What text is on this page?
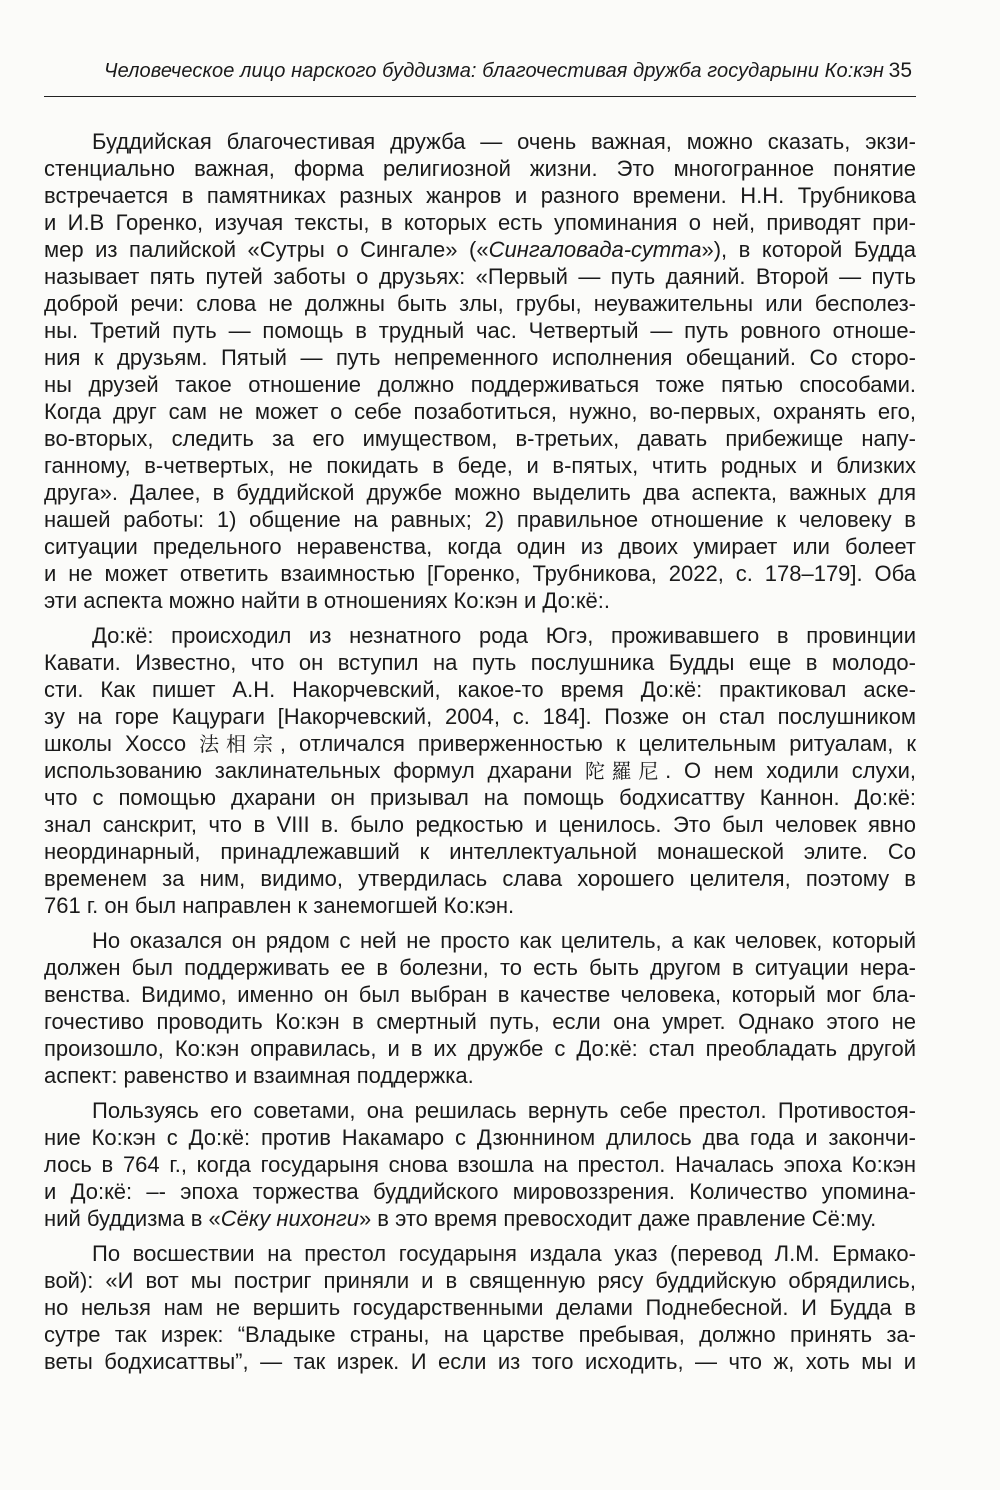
Человеческое лицо нарского буддизма: благочестивая дружба государыни Ко:кэн 35
Буддийская благочестивая дружба — очень важная, можно сказать, экзи-
стенциально важная, форма религиозной жизни. Это многогранное понятие
встречается в памятниках разных жанров и разного времени. Н.Н. Трубникова
и И.В Горенко, изучая тексты, в которых есть упоминания о ней, приводят при-
мер из палийской «Сутры о Сингале» («Сингаловада-сутта»), в которой Будда
называет пять путей заботы о друзьях: «Первый — путь даяний. Второй — путь
доброй речи: слова не должны быть злы, грубы, неуважительны или бесполез-
ны. Третий путь — помощь в трудный час. Четвертый — путь ровного отноше-
ния к друзьям. Пятый — путь непременного исполнения обещаний. Со сторо-
ны друзей такое отношение должно поддерживаться тоже пятью способами.
Когда друг сам не может о себе позаботиться, нужно, во-первых, охранять его,
во-вторых, следить за его имуществом, в-третьих, давать прибежище напу-
ганному, в-четвертых, не покидать в беде, и в-пятых, чтить родных и близких
друга». Далее, в буддийской дружбе можно выделить два аспекта, важных для
нашей работы: 1) общение на равных; 2) правильное отношение к человеку в
ситуации предельного неравенства, когда один из двоих умирает или болеет
и не может ответить взаимностью [Горенко, Трубникова, 2022, с. 178–179]. Оба
эти аспекта можно найти в отношениях Ко:кэн и До:кё:.
До:кё: происходил из незнатного рода Югэ, проживавшего в провинции
Кавати. Известно, что он вступил на путь послушника Будды еще в молодо-
сти. Как пишет А.Н. Накорчевский, какое-то время До:кё: практиковал аске-
зу на горе Кацураги [Накорчевский, 2004, с. 184]. Позже он стал послушником
школы Хоссо 法相宗, отличался приверженностью к целительным ритуалам, к
использованию заклинательных формул дхарани 陀羅尼. О нем ходили слухи,
что с помощью дхарани он призывал на помощь бодхисаттву Каннон. До:кё:
знал санскрит, что в VIII в. было редкостью и ценилось. Это был человек явно
неординарный, принадлежавший к интеллектуальной монашеской элите. Со
временем за ним, видимо, утвердилась слава хорошего целителя, поэтому в
761 г. он был направлен к занемогшей Ко:кэн.
Но оказался он рядом с ней не просто как целитель, а как человек, который
должен был поддерживать ее в болезни, то есть быть другом в ситуации нера-
венства. Видимо, именно он был выбран в качестве человека, который мог бла-
гочестиво проводить Ко:кэн в смертный путь, если она умрет. Однако этого не
произошло, Ко:кэн оправилась, и в их дружбе с До:кё: стал преобладать другой
аспект: равенство и взаимная поддержка.
Пользуясь его советами, она решилась вернуть себе престол. Противостоя-
ние Ко:кэн с До:кё: против Накамаро с Дзюннином длилось два года и закончи-
лось в 764 г., когда государыня снова взошла на престол. Началась эпоха Ко:кэн
и До:кё: –- эпоха торжества буддийского мировоззрения. Количество упомина-
ний буддизма в «Сёку нихонги» в это время превосходит даже правление Сё:му.
По восшествии на престол государыня издала указ (перевод Л.М. Ермако-
вой): «И вот мы постриг приняли и в священную рясу буддийскую обрядились,
но нельзя нам не вершить государственными делами Поднебесной. И Будда в
сутре так изрек: “Владыке страны, на царстве пребывая, должно принять за-
веты бодхисаттвы”, — так изрек. И если из того исходить, — что ж, хоть мы и
